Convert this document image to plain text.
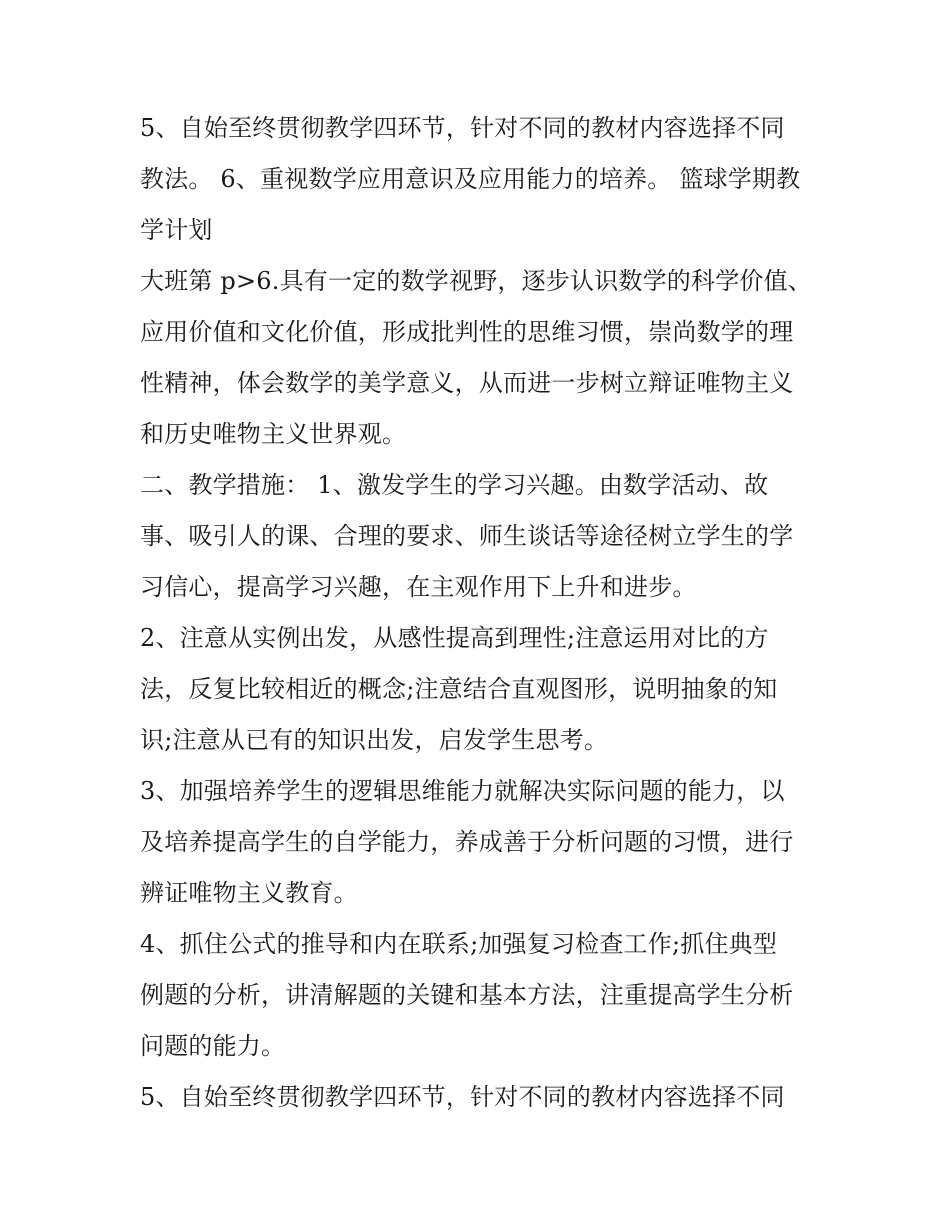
5、自始至终贯彻教学四环节，针对不同的教材内容选择不同
教法。 6、重视数学应用意识及应用能力的培养。 篮球学期教
学计划

大班第 p>6.具有一定的数学视野，逐步认识数学的科学价值、
应用价值和文化价值，形成批判性的思维习惯，崇尚数学的理
性精神，体会数学的美学意义，从而进一步树立辩证唯物主义
和历史唯物主义世界观。

二、教学措施： 1、激发学生的学习兴趣。由数学活动、故
事、吸引人的课、合理的要求、师生谈话等途径树立学生的学
习信心，提高学习兴趣，在主观作用下上升和进步。

2、注意从实例出发，从感性提高到理性;注意运用对比的方
法，反复比较相近的概念;注意结合直观图形，说明抽象的知
识;注意从已有的知识出发，启发学生思考。

3、加强培养学生的逻辑思维能力就解决实际问题的能力，以
及培养提高学生的自学能力，养成善于分析问题的习惯，进行
辨证唯物主义教育。

4、抓住公式的推导和内在联系;加强复习检查工作;抓住典型
例题的分析，讲清解题的关键和基本方法，注重提高学生分析
问题的能力。

5、自始至终贯彻教学四环节，针对不同的教材内容选择不同
